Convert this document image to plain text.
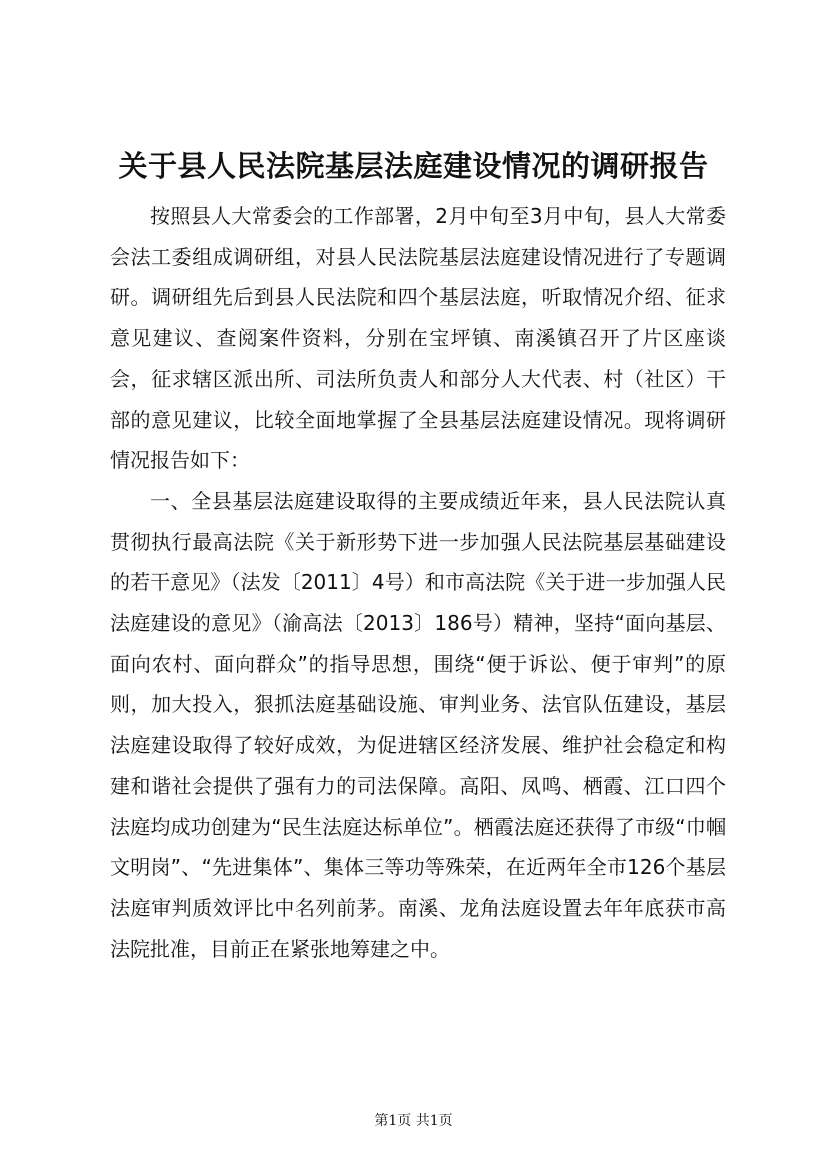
关于县人民法院基层法庭建设情况的调研报告

按照县人大常委会的工作部署，2月中旬至3月中旬，县人大常委会法工委组成调研组，对县人民法院基层法庭建设情况进行了专题调研。调研组先后到县人民法院和四个基层法庭，听取情况介绍、征求意见建议、查阅案件资料，分别在宝坪镇、南溪镇召开了片区座谈会，征求辖区派出所、司法所负责人和部分人大代表、村（社区）干部的意见建议，比较全面地掌握了全县基层法庭建设情况。现将调研情况报告如下：

一、全县基层法庭建设取得的主要成绩近年来，县人民法院认真贯彻执行最高法院《关于新形势下进一步加强人民法院基层基础建设的若干意见》（法发〔2011〕4号）和市高法院《关于进一步加强人民法庭建设的意见》（渝高法〔2013〕186号）精神，坚持“面向基层、面向农村、面向群众”的指导思想，围绕“便于诉讼、便于审判”的原则，加大投入，狠抓法庭基础设施、审判业务、法官队伍建设，基层法庭建设取得了较好成效，为促进辖区经济发展、维护社会稳定和构建和谐社会提供了强有力的司法保障。高阳、凤鸣、栖霞、江口四个法庭均成功创建为“民生法庭达标单位”。栖霞法庭还获得了市级“巾帼文明岗”、“先进集体”、集体三等功等殊荣，在近两年全市126个基层法庭审判质效评比中名列前茅。南溪、龙角法庭设置去年年底获市高法院批准，目前正在紧张地筹建之中。

第1页 共1页
